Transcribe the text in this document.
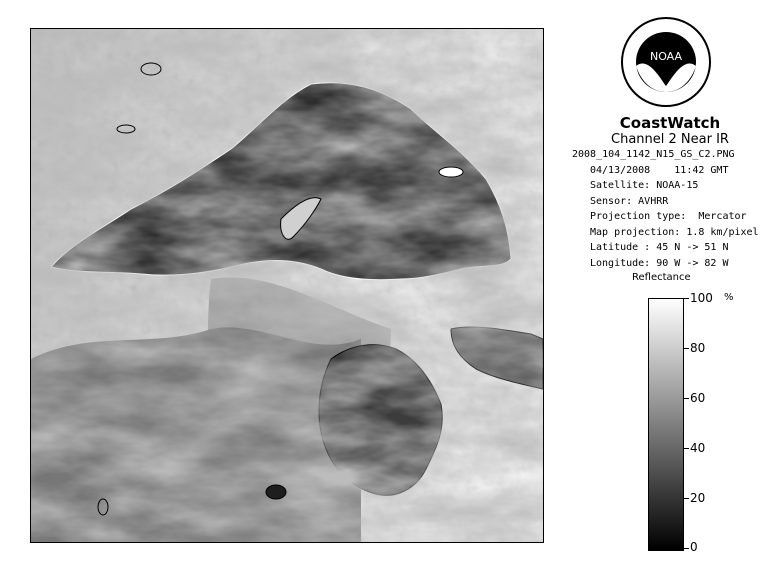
NOAA
CoastWatch
Channel 2 Near IR
2008_104_1142_N15_GS_C2.PNG
04/13/2008    11:42 GMT
Satellite: NOAA-15
Sensor: AVHRR
Projection type:  Mercator
Map projection: 1.8 km/pixel
Latitude : 45 N -> 51 N
Longitude: 90 W -> 82 W
Reflectance
%
100
80
60
40
20
0
